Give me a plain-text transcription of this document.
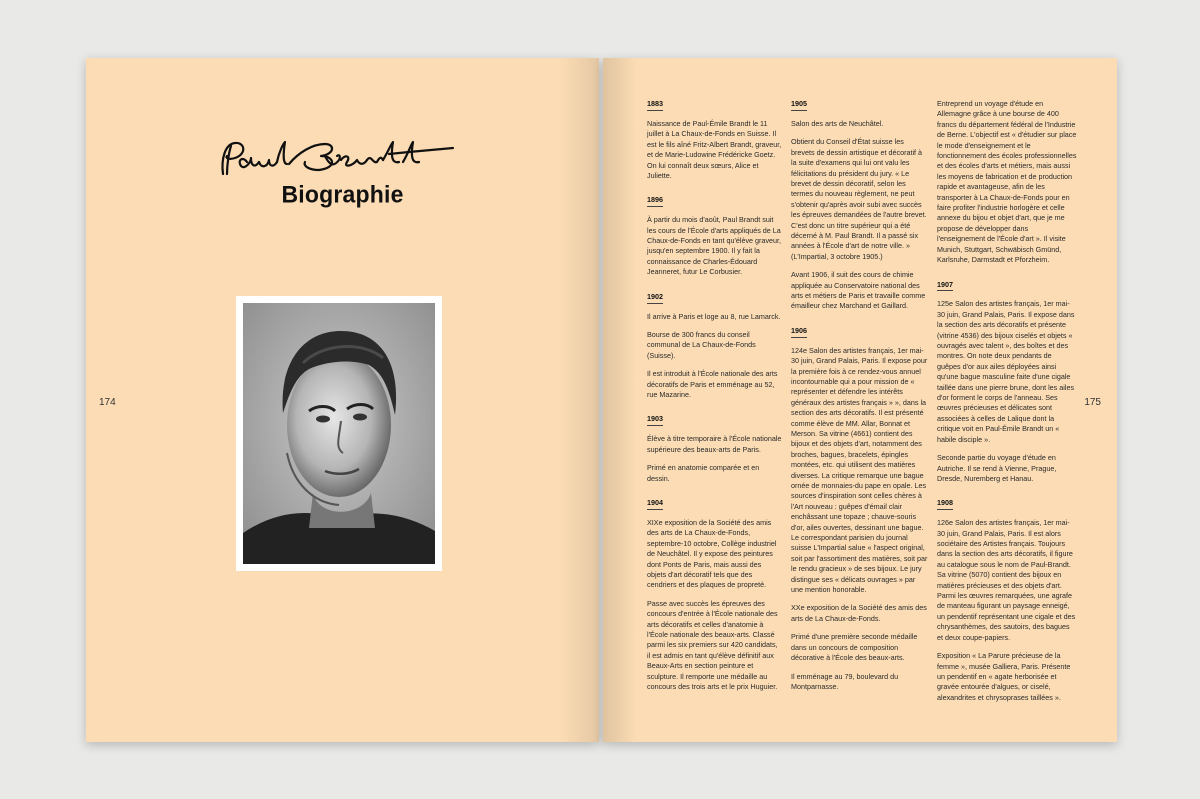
Biographie
174
1883

Naissance de Paul-Émile Brandt le 11 juillet à La Chaux-de-Fonds en Suisse. Il est le fils aîné Fritz-Albert Brandt, graveur, et de Marie-Ludowine Frédéricke Goetz. On lui connaît deux sœurs, Alice et Juliette.

1896

À partir du mois d'août, Paul Brandt suit les cours de l'École d'arts appliqués de La Chaux-de-Fonds en tant qu'élève graveur, jusqu'en septembre 1900. Il y fait la connaissance de Charles-Édouard Jeanneret, futur Le Corbusier.

1902

Il arrive à Paris et loge au 8, rue Lamarck.

Bourse de 300 francs du conseil communal de La Chaux-de-Fonds (Suisse).

Il est introduit à l'École nationale des arts décoratifs de Paris et emménage au 52, rue Mazarine.

1903

Élève à titre temporaire à l'École nationale supérieure des beaux-arts de Paris.

Primé en anatomie comparée et en dessin.

1904

XIXe exposition de la Société des amis des arts de La Chaux-de-Fonds, septembre-10 octobre, Collège industriel de Neuchâtel. Il y expose des peintures dont Ponts de Paris, mais aussi des objets d'art décoratif tels que des cendriers et des plaques de propreté.

Passe avec succès les épreuves des concours d'entrée à l'École nationale des arts décoratifs et celles d'anatomie à l'École nationale des beaux-arts. Classé parmi les six premiers sur 420 candidats, il est admis en tant qu'élève définitif aux Beaux-Arts en section peinture et sculpture. Il remporte une médaille au concours des trois arts et le prix Huguier.

1905

Salon des arts de Neuchâtel.

Obtient du Conseil d'État suisse les brevets de dessin artistique et décoratif à la suite d'examens qui lui ont valu les félicitations du président du jury. « Le brevet de dessin décoratif, selon les termes du nouveau règlement, ne peut s'obtenir qu'après avoir subi avec succès les épreuves demandées de l'autre brevet. C'est donc un titre supérieur qui a été décerné à M. Paul Brandt. Il a passé six années à l'École d'art de notre ville. » (L'Impartial, 3 octobre 1905.)

Avant 1906, il suit des cours de chimie appliquée au Conservatoire national des arts et métiers de Paris et travaille comme émailleur chez Marchand et Gaillard.

1906

124e Salon des artistes français, 1er mai-30 juin, Grand Palais, Paris. Il expose pour la première fois à ce rendez-vous annuel incontournable qui a pour mission de « représenter et défendre les intérêts généraux des artistes français » », dans la section des arts décoratifs. Il est présenté comme élève de MM. Allar, Bonnat et Merson. Sa vitrine (4661) contient des bijoux et des objets d'art, notamment des broches, bagues, bracelets, épingles montées, etc. qui utilisent des matières diverses. La critique remarque une bague ornée de monnaies-du pape en opale. Les sources d'inspiration sont celles chères à l'Art nouveau : guêpes d'émail clair enchâssant une topaze ; chauve-souris d'or, ailes ouvertes, dessinant une bague. Le correspondant parisien du journal suisse L'Impartial salue « l'aspect original, soit par l'assortiment des matières, soit par le rendu gracieux » de ses bijoux. Le jury distingue ses « délicats ouvrages » par une mention honorable.

XXe exposition de la Société des amis des arts de La Chaux-de-Fonds.

Primé d'une première seconde médaille dans un concours de composition décorative à l'École des beaux-arts.

Il emménage au 79, boulevard du Montparnasse.

Entreprend un voyage d'étude en Allemagne grâce à une bourse de 400 francs du département fédéral de l'Industrie de Berne. L'objectif est « d'étudier sur place le mode d'enseignement et le fonctionnement des écoles professionnelles et des écoles d'arts et métiers, mais aussi les moyens de fabrication et de production rapide et avantageuse, afin de les transporter à La Chaux-de-Fonds pour en faire profiter l'industrie horlogère et celle annexe du bijou et objet d'art, que je me propose de développer dans l'enseignement de l'École d'art ». Il visite Munich, Stuttgart, Schwäbisch Gmünd, Karlsruhe, Darmstadt et Pforzheim.

1907

125e Salon des artistes français, 1er mai-30 juin, Grand Palais, Paris. Il expose dans la section des arts décoratifs et présente (vitrine 4536) des bijoux ciselés et objets « ouvragés avec talent », des boîtes et des montres. On note deux pendants de guêpes d'or aux ailes déployées ainsi qu'une bague masculine faite d'une cigale taillée dans une pierre brune, dont les ailes d'or forment le corps de l'anneau. Ses œuvres précieuses et délicates sont associées à celles de Lalique dont la critique voit en Paul-Émile Brandt un « habile disciple ».

Seconde partie du voyage d'étude en Autriche. Il se rend à Vienne, Prague, Dresde, Nuremberg et Hanau.

1908

126e Salon des artistes français, 1er mai-30 juin, Grand Palais, Paris. Il est alors sociétaire des Artistes français. Toujours dans la section des arts décoratifs, il figure au catalogue sous le nom de Paul-Brandt. Sa vitrine (5070) contient des bijoux en matières précieuses et des objets d'art. Parmi les œuvres remarquées, une agrafe de manteau figurant un paysage enneigé, un pendentif représentant une cigale et des chrysanthèmes, des sautoirs, des bagues et deux coupe-papiers.

Exposition « La Parure précieuse de la femme », musée Galliera, Paris. Présente un pendentif en « agate herborisée et gravée entourée d'algues, or ciselé, alexandrites et chrysoprases taillées ».

175
